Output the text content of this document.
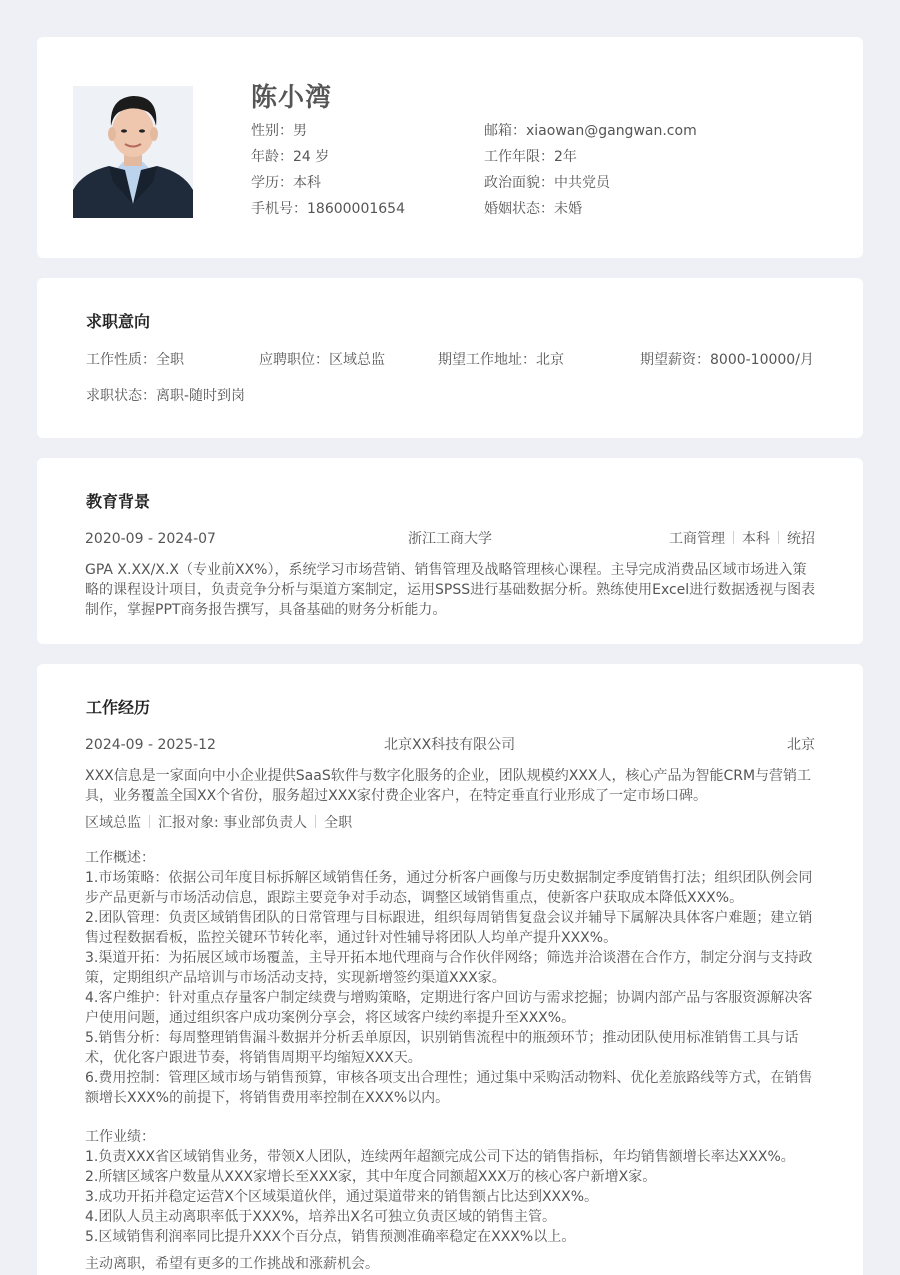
陈小湾
性别：男
年龄：24 岁
学历：本科
手机号：18600001654
邮箱：xiaowan@gangwan.com
工作年限：2年
政治面貌：中共党员
婚姻状态：未婚
求职意向
工作性质：全职	应聘职位：区域总监	期望工作地址：北京	期望薪资：8000-10000/月
求职状态：离职-随时到岗
教育背景
2020-09 - 2024-07	浙江工商大学	工商管理 本科 统招
GPA X.XX/X.X（专业前XX%），系统学习市场营销、销售管理及战略管理核心课程。主导完成消费品区域市场进入策略的课程设计项目，负责竞争分析与渠道方案制定，运用SPSS进行基础数据分析。熟练使用Excel进行数据透视与图表制作，掌握PPT商务报告撰写，具备基础的财务分析能力。
工作经历
2024-09 - 2025-12	北京XX科技有限公司	北京
XXX信息是一家面向中小企业提供SaaS软件与数字化服务的企业，团队规模约XXX人，核心产品为智能CRM与营销工具，业务覆盖全国XX个省份，服务超过XXX家付费企业客户，在特定垂直行业形成了一定市场口碑。
区域总监 汇报对象: 事业部负责人 全职
工作概述：
1.市场策略：依据公司年度目标拆解区域销售任务，通过分析客户画像与历史数据制定季度销售打法；组织团队例会同步产品更新与市场活动信息，跟踪主要竞争对手动态，调整区域销售重点，使新客户获取成本降低XXX%。
2.团队管理：负责区域销售团队的日常管理与目标跟进，组织每周销售复盘会议并辅导下属解决具体客户难题；建立销售过程数据看板，监控关键环节转化率，通过针对性辅导将团队人均单产提升XXX%。
3.渠道开拓：为拓展区域市场覆盖，主导开拓本地代理商与合作伙伴网络；筛选并洽谈潜在合作方，制定分润与支持政策，定期组织产品培训与市场活动支持，实现新增签约渠道XXX家。
4.客户维护：针对重点存量客户制定续费与增购策略，定期进行客户回访与需求挖掘；协调内部产品与客服资源解决客户使用问题，通过组织客户成功案例分享会，将区域客户续约率提升至XXX%。
5.销售分析：每周整理销售漏斗数据并分析丢单原因，识别销售流程中的瓶颈环节；推动团队使用标准销售工具与话术，优化客户跟进节奏，将销售周期平均缩短XXX天。
6.费用控制：管理区域市场与销售预算，审核各项支出合理性；通过集中采购活动物料、优化差旅路线等方式，在销售额增长XXX%的前提下，将销售费用率控制在XXX%以内。
工作业绩：
1.负责XXX省区域销售业务，带领X人团队，连续两年超额完成公司下达的销售指标，年均销售额增长率达XXX%。
2.所辖区域客户数量从XXX家增长至XXX家，其中年度合同额超XXX万的核心客户新增X家。
3.成功开拓并稳定运营X个区域渠道伙伴，通过渠道带来的销售额占比达到XXX%。
4.团队人员主动离职率低于XXX%，培养出X名可独立负责区域的销售主管。
5.区域销售利润率同比提升XXX个百分点，销售预测准确率稳定在XXX%以上。
主动离职，希望有更多的工作挑战和涨薪机会。
